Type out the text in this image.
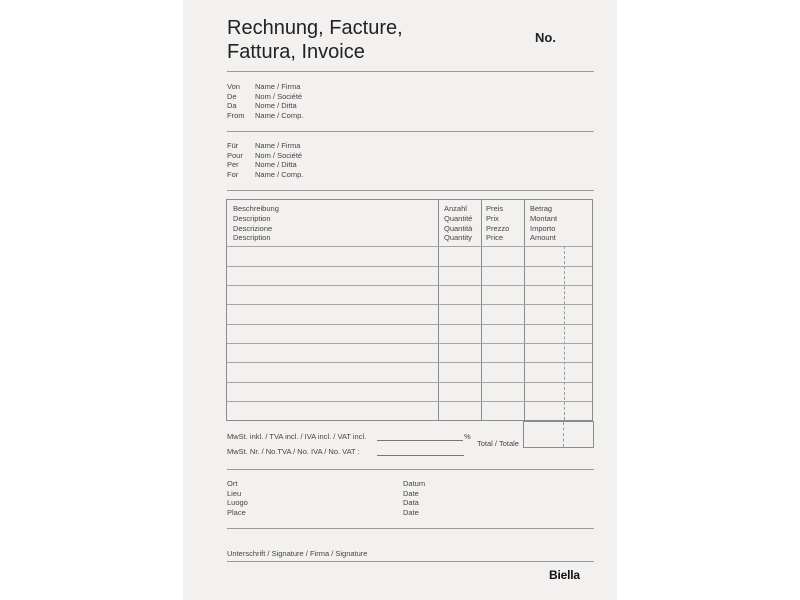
Rechnung, Facture,
Fattura, Invoice
No.
Von
De
Da
From
Name / Firma
Nom / Société
Nome / Ditta
Name / Comp.
Für
Pour
Per
For
Name / Firma
Nom / Société
Nome / Ditta
Name / Comp.
Beschreibung
Description
Descrizione
Description
Anzahl
Quantité
Quantità
Quantity
Preis
Prix
Prezzo
Price
Betrag
Montant
Importo
Amount
Total / Totale
MwSt. inkl. / TVA incl. / IVA incl. / VAT incl.	%
MwSt. Nr. / No.TVA / No. IVA / No. VAT :
Ort
Lieu
Luogo
Place
Datum
Date
Data
Date
Unterschrift / Signature / Firma / Signature
Biella
